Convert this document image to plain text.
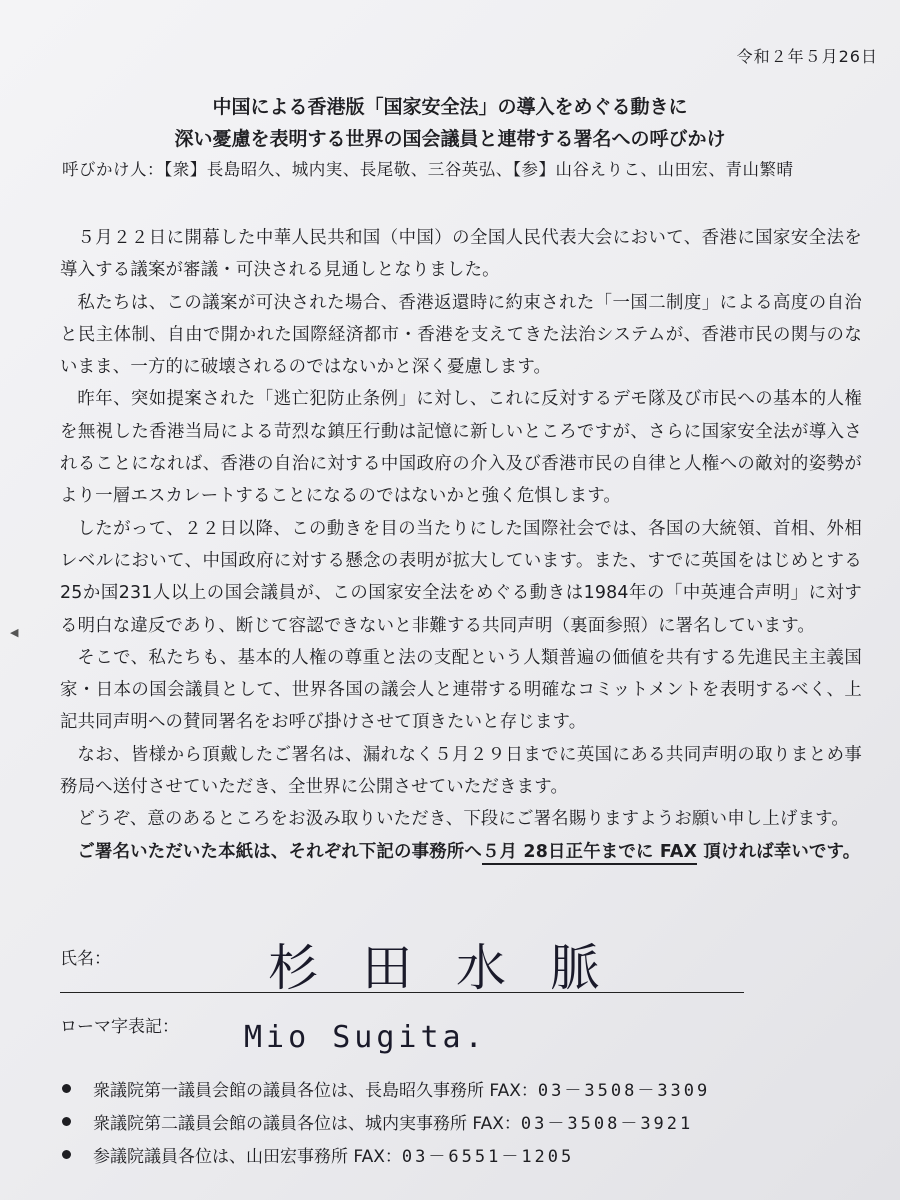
令和２年５月26日
中国による香港版「国家安全法」の導入をめぐる動きに
深い憂慮を表明する世界の国会議員と連帯する署名への呼びかけ
呼びかけ人：【衆】長島昭久、城内実、長尾敬、三谷英弘、【参】山谷えりこ、山田宏、青山繁晴

５月２２日に開幕した中華人民共和国（中国）の全国人民代表大会において、香港に国家安全法を導入する議案が審議・可決される見通しとなりました。

私たちは、この議案が可決された場合、香港返還時に約束された「一国二制度」による高度の自治と民主体制、自由で開かれた国際経済都市・香港を支えてきた法治システムが、香港市民の関与のないまま、一方的に破壊されるのではないかと深く憂慮します。

昨年、突如提案された「逃亡犯防止条例」に対し、これに反対するデモ隊及び市民への基本的人権を無視した香港当局による苛烈な鎮圧行動は記憶に新しいところですが、さらに国家安全法が導入されることになれば、香港の自治に対する中国政府の介入及び香港市民の自律と人権への敵対的姿勢がより一層エスカレートすることになるのではないかと強く危惧します。

したがって、２２日以降、この動きを目の当たりにした国際社会では、各国の大統領、首相、外相レベルにおいて、中国政府に対する懸念の表明が拡大しています。また、すでに英国をはじめとする25か国231人以上の国会議員が、この国家安全法をめぐる動きは1984年の「中英連合声明」に対する明白な違反であり、断じて容認できないと非難する共同声明（裏面参照）に署名しています。

そこで、私たちも、基本的人権の尊重と法の支配という人類普遍の価値を共有する先進民主主義国家・日本の国会議員として、世界各国の議会人と連帯する明確なコミットメントを表明するべく、上記共同声明への賛同署名をお呼び掛けさせて頂きたいと存じます。

なお、皆様から頂戴したご署名は、漏れなく５月２９日までに英国にある共同声明の取りまとめ事務局へ送付させていただき、全世界に公開させていただきます。

どうぞ、意のあるところをお汲み取りいただき、下段にご署名賜りますようお願い申し上げます。

ご署名いただいた本紙は、それぞれ下記の事務所へ５月 28日正午までに FAX 頂ければ幸いです。

◀
氏名：
ローマ字表記：
杉田水脈
Mio Sugita.
衆議院第一議員会館の議員各位は、長島昭久事務所 FAX： 03－3508－3309
衆議院第二議員会館の議員各位は、城内実事務所 FAX： 03－3508－3921
参議院議員各位は、山田宏事務所 FAX： 03－6551－1205
